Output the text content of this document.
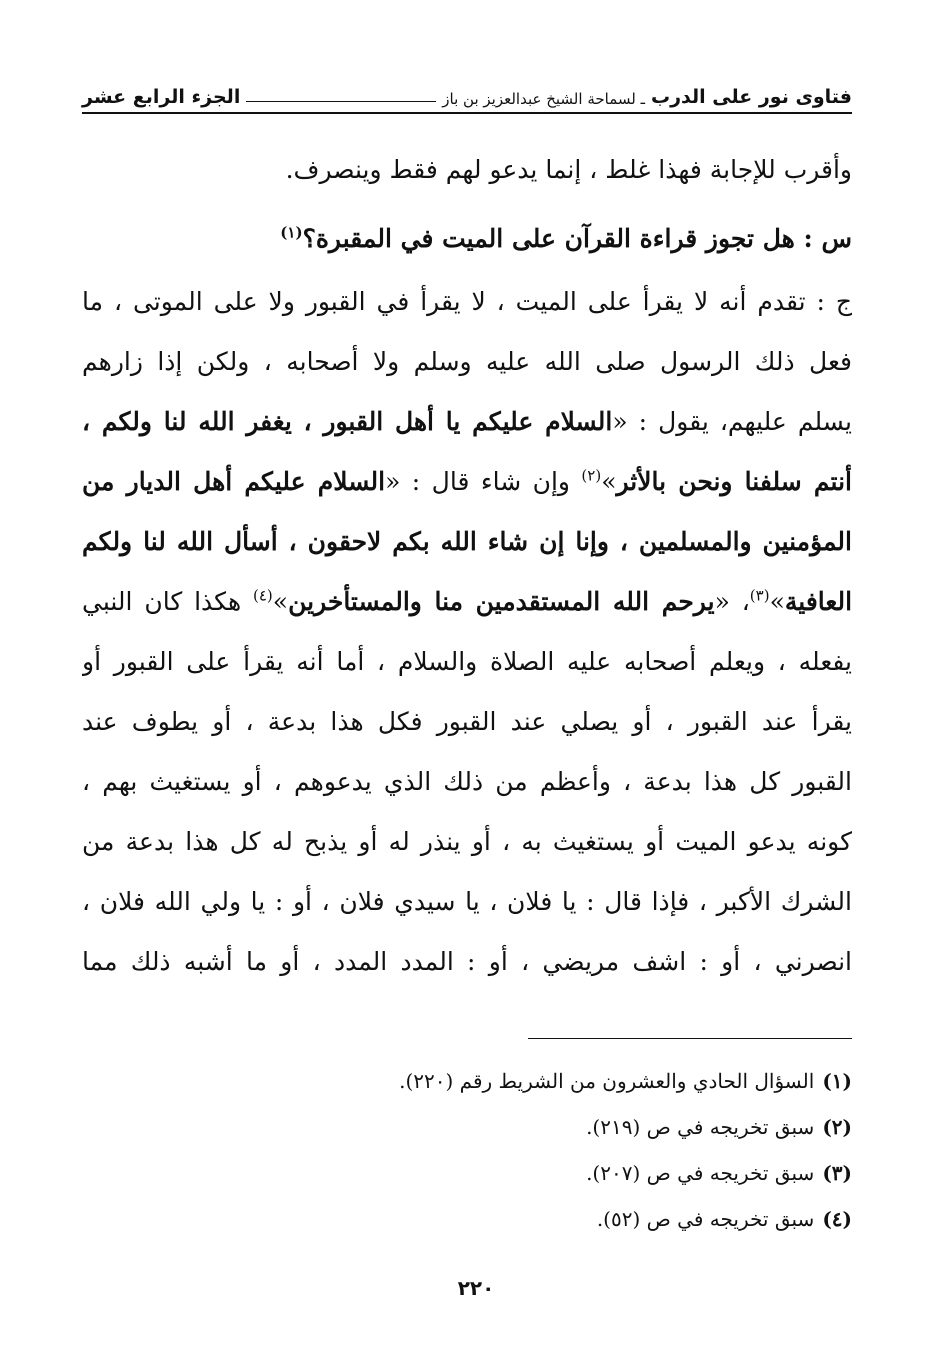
فتاوى نور على الدرب
ـ لسماحة الشيخ عبدالعزيز بن باز
الجزء الرابع عشر
وأقرب للإجابة فهذا غلط ، إنما يدعو لهم فقط وينصرف.
س : هل تجوز قراءة القرآن على الميت في المقبرة؟$^{(١)}$
ج : تقدم أنه لا يقرأ على الميت ، لا يقرأ في القبور ولا على الموتى ، ما
فعل ذلك الرسول صلى الله عليه وسلم ولا أصحابه ، ولكن إذا زارهم
يسلم عليهم، يقول : «السلام عليكم يا أهل القبور ، يغفر الله لنا ولكم ،
أنتم سلفنا ونحن بالأثر»$^{(٢)}$ وإن شاء قال : «السلام عليكم أهل الديار من
المؤمنين والمسلمين ، وإنا إن شاء الله بكم لاحقون ، أسأل الله لنا ولكم
العافية»$^{(٣)}$، «يرحم الله المستقدمين منا والمستأخرين»$^{(٤)}$ هكذا كان النبي
يفعله ، ويعلم أصحابه عليه الصلاة والسلام ، أما أنه يقرأ على القبور أو
يقرأ عند القبور ، أو يصلي عند القبور فكل هذا بدعة ، أو يطوف عند
القبور كل هذا بدعة ، وأعظم من ذلك الذي يدعوهم ، أو يستغيث بهم ،
كونه يدعو الميت أو يستغيث به ، أو ينذر له أو يذبح له كل هذا بدعة من
الشرك الأكبر ، فإذا قال : يا فلان ، يا سيدي فلان ، أو : يا ولي الله فلان ،
انصرني ، أو : اشف مريضي ، أو : المدد المدد ، أو ما أشبه ذلك مما
(١)السؤال الحادي والعشرون من الشريط رقم (٢٢٠).
(٢)سبق تخريجه في ص (٢١٩).
(٣)سبق تخريجه في ص (٢٠٧).
(٤)سبق تخريجه في ص (٥٢).
٢٢٠
